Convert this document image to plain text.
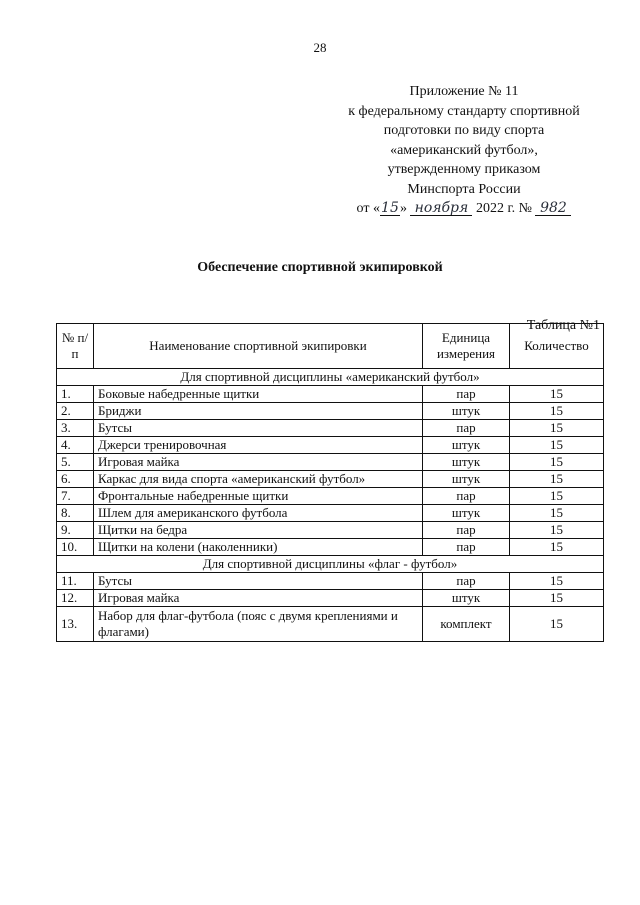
28
Приложение № 11
к федеральному стандарту спортивной
подготовки по виду спорта
«американский футбол»,
утвержденному приказом
Минспорта России
от «15» ноября 2022 г. № 982
Обеспечение спортивной экипировкой
Таблица №1
№ п/п	Наименование спортивной экипировки	Единица измерения	Количество
Для спортивной дисциплины «американский футбол»			
1.	Боковые набедренные щитки	пар	15
2.	Бриджи	штук	15
3.	Бутсы	пар	15
4.	Джерси тренировочная	штук	15
5.	Игровая майка	штук	15
6.	Каркас для вида спорта «американский футбол»	штук	15
7.	Фронтальные набедренные щитки	пар	15
8.	Шлем для американского футбола	штук	15
9.	Щитки на бедра	пар	15
10.	Щитки на колени (наколенники)	пар	15
Для спортивной дисциплины «флаг - футбол»			
11.	Бутсы	пар	15
12.	Игровая майка	штук	15
13.	Набор для флаг-футбола (пояс с двумя креплениями и флагами)	комплект	15
